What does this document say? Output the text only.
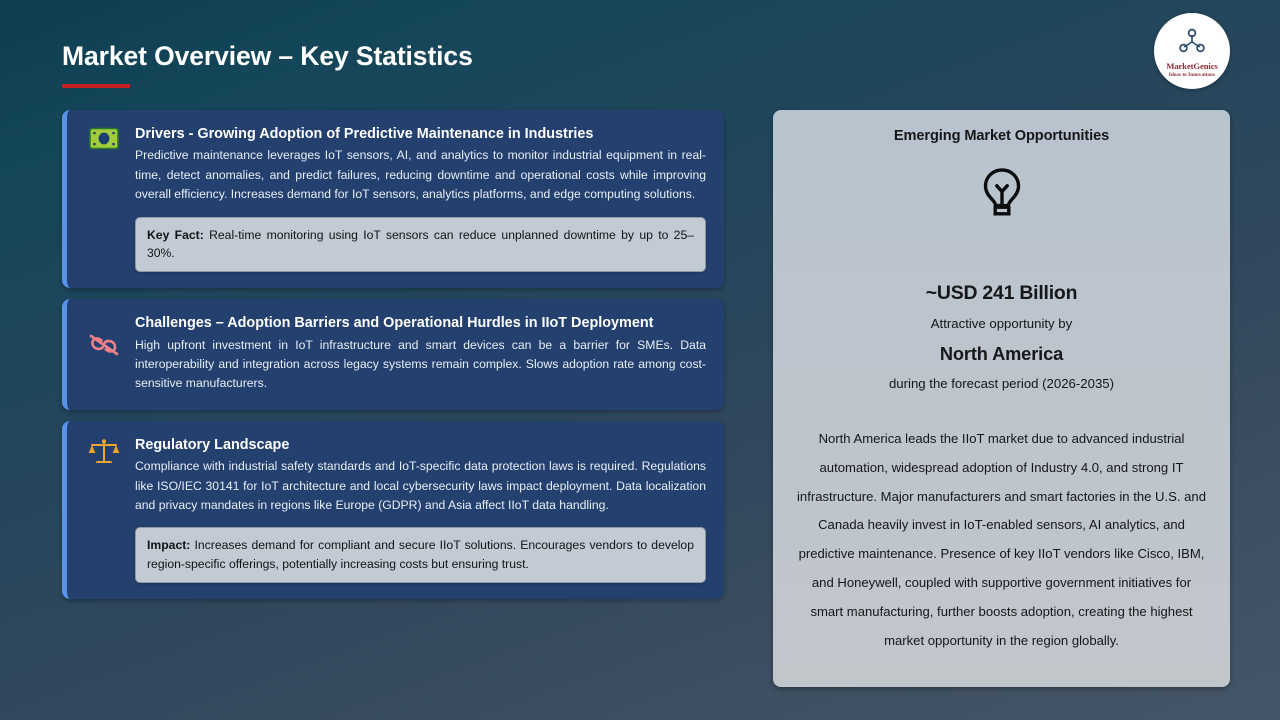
Market Overview – Key Statistics	MarketGenics
Ideas to Innovations
Drivers - Growing Adoption of Predictive Maintenance in Industries
Predictive maintenance leverages IoT sensors, AI, and analytics to monitor industrial equipment in real-time, detect anomalies, and predict failures, reducing downtime and operational costs while improving overall efficiency. Increases demand for IoT sensors, analytics platforms, and edge computing solutions.
Key Fact: Real-time monitoring using IoT sensors can reduce unplanned downtime by up to 25–30%.
Challenges – Adoption Barriers and Operational Hurdles in IIoT Deployment
High upfront investment in IoT infrastructure and smart devices can be a barrier for SMEs. Data interoperability and integration across legacy systems remain complex. Slows adoption rate among cost-sensitive manufacturers.
Regulatory Landscape
Compliance with industrial safety standards and IoT-specific data protection laws is required. Regulations like ISO/IEC 30141 for IoT architecture and local cybersecurity laws impact deployment. Data localization and privacy mandates in regions like Europe (GDPR) and Asia affect IIoT data handling.
Impact: Increases demand for compliant and secure IIoT solutions. Encourages vendors to develop region-specific offerings, potentially increasing costs but ensuring trust.
Emerging Market Opportunities
~USD 241 Billion
Attractive opportunity by
North America
during the forecast period (2026-2035)
North America leads the IIoT market due to advanced industrial automation, widespread adoption of Industry 4.0, and strong IT infrastructure. Major manufacturers and smart factories in the U.S. and Canada heavily invest in IoT-enabled sensors, AI analytics, and predictive maintenance. Presence of key IIoT vendors like Cisco, IBM, and Honeywell, coupled with supportive government initiatives for smart manufacturing, further boosts adoption, creating the highest market opportunity in the region globally.
